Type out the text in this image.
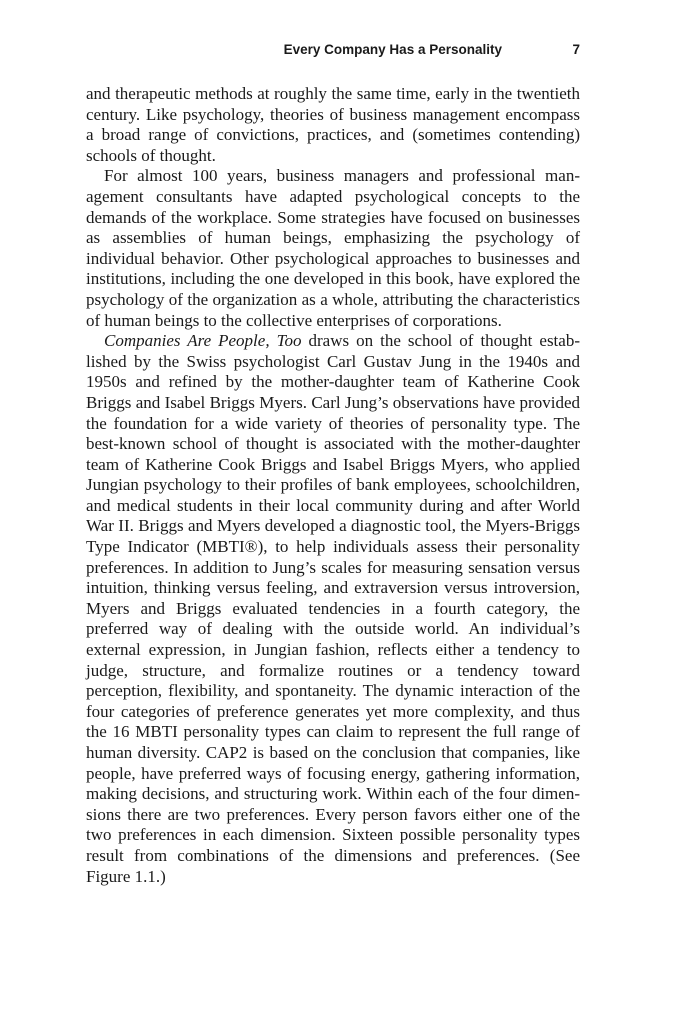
Every Company Has a Personality	7

and therapeutic methods at roughly the same time, early in the twentieth century. Like psychology, theories of business management encompass a broad range of convictions, practices, and (sometimes contending) schools of thought.

For almost 100 years, business managers and professional management consultants have adapted psychological concepts to the demands of the workplace. Some strategies have focused on businesses as assemblies of human beings, emphasizing the psychology of individual behavior. Other psychological approaches to businesses and institutions, including the one developed in this book, have explored the psychology of the organization as a whole, attributing the characteristics of human beings to the collective enterprises of corporations.

Companies Are People, Too draws on the school of thought established by the Swiss psychologist Carl Gustav Jung in the 1940s and 1950s and refined by the mother-daughter team of Katherine Cook Briggs and Isabel Briggs Myers. Carl Jung’s observations have provided the foundation for a wide variety of theories of personality type. The best-known school of thought is associated with the mother-daughter team of Katherine Cook Briggs and Isabel Briggs Myers, who applied Jungian psychology to their profiles of bank employees, schoolchildren, and medical students in their local community during and after World War II. Briggs and Myers developed a diagnostic tool, the Myers-Briggs Type Indicator (MBTI®), to help individuals assess their personality preferences. In addition to Jung’s scales for measuring sensation versus intuition, thinking versus feeling, and extraversion versus introversion, Myers and Briggs evaluated tendencies in a fourth category, the preferred way of dealing with the outside world. An individual’s external expression, in Jungian fashion, reflects either a tendency to judge, structure, and formalize routines or a tendency toward perception, flexibility, and spontaneity. The dynamic interaction of the four categories of preference generates yet more complexity, and thus the 16 MBTI personality types can claim to represent the full range of human diversity. CAP2 is based on the conclusion that companies, like people, have preferred ways of focusing energy, gathering information, making decisions, and structuring work. Within each of the four dimensions there are two preferences. Every person favors either one of the two preferences in each dimension. Sixteen possible personality types result from combinations of the dimensions and preferences. (See Figure 1.1.)
